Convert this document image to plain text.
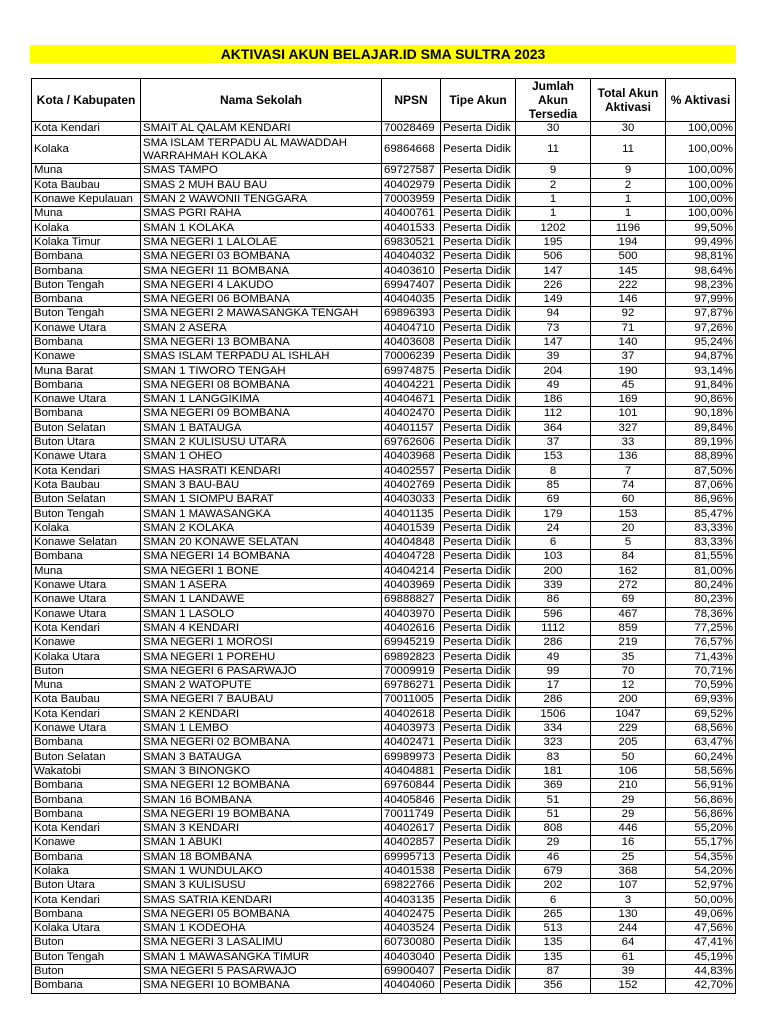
AKTIVASI AKUN BELAJAR.ID SMA SULTRA 2023
Kota / Kabupaten	Nama Sekolah	NPSN	Tipe Akun	Jumlah Akun Tersedia	Total Akun Aktivasi	% Aktivasi
Kota Kendari	SMAIT AL QALAM KENDARI	70028469	Peserta Didik	30	30	100,00%
Kolaka	SMA ISLAM TERPADU AL MAWADDAH WARRAHMAH KOLAKA	69864668	Peserta Didik	11	11	100,00%
Muna	SMAS TAMPO	69727587	Peserta Didik	9	9	100,00%
Kota Baubau	SMAS 2 MUH BAU BAU	40402979	Peserta Didik	2	2	100,00%
Konawe Kepulauan	SMAN 2 WAWONII TENGGARA	70003959	Peserta Didik	1	1	100,00%
Muna	SMAS PGRI RAHA	40400761	Peserta Didik	1	1	100,00%
Kolaka	SMAN 1 KOLAKA	40401533	Peserta Didik	1202	1196	99,50%
Kolaka Timur	SMA NEGERI 1 LALOLAE	69830521	Peserta Didik	195	194	99,49%
Bombana	SMA NEGERI 03 BOMBANA	40404032	Peserta Didik	506	500	98,81%
Bombana	SMA NEGERI 11 BOMBANA	40403610	Peserta Didik	147	145	98,64%
Buton Tengah	SMA NEGERI 4 LAKUDO	69947407	Peserta Didik	226	222	98,23%
Bombana	SMA NEGERI 06 BOMBANA	40404035	Peserta Didik	149	146	97,99%
Buton Tengah	SMA NEGERI 2 MAWASANGKA TENGAH	69896393	Peserta Didik	94	92	97,87%
Konawe Utara	SMAN 2 ASERA	40404710	Peserta Didik	73	71	97,26%
Bombana	SMA NEGERI 13 BOMBANA	40403608	Peserta Didik	147	140	95,24%
Konawe	SMAS ISLAM TERPADU AL ISHLAH	70006239	Peserta Didik	39	37	94,87%
Muna Barat	SMAN 1 TIWORO TENGAH	69974875	Peserta Didik	204	190	93,14%
Bombana	SMA NEGERI 08 BOMBANA	40404221	Peserta Didik	49	45	91,84%
Konawe Utara	SMAN 1 LANGGIKIMA	40404671	Peserta Didik	186	169	90,86%
Bombana	SMA NEGERI 09 BOMBANA	40402470	Peserta Didik	112	101	90,18%
Buton Selatan	SMAN 1 BATAUGA	40401157	Peserta Didik	364	327	89,84%
Buton Utara	SMAN 2 KULISUSU UTARA	69762606	Peserta Didik	37	33	89,19%
Konawe Utara	SMAN 1 OHEO	40403968	Peserta Didik	153	136	88,89%
Kota Kendari	SMAS HASRATI KENDARI	40402557	Peserta Didik	8	7	87,50%
Kota Baubau	SMAN 3 BAU-BAU	40402769	Peserta Didik	85	74	87,06%
Buton Selatan	SMAN 1 SIOMPU BARAT	40403033	Peserta Didik	69	60	86,96%
Buton Tengah	SMAN 1 MAWASANGKA	40401135	Peserta Didik	179	153	85,47%
Kolaka	SMAN 2 KOLAKA	40401539	Peserta Didik	24	20	83,33%
Konawe Selatan	SMAN 20 KONAWE SELATAN	40404848	Peserta Didik	6	5	83,33%
Bombana	SMA NEGERI 14 BOMBANA	40404728	Peserta Didik	103	84	81,55%
Muna	SMA NEGERI 1 BONE	40404214	Peserta Didik	200	162	81,00%
Konawe Utara	SMAN 1 ASERA	40403969	Peserta Didik	339	272	80,24%
Konawe Utara	SMAN 1 LANDAWE	69888827	Peserta Didik	86	69	80,23%
Konawe Utara	SMAN 1 LASOLO	40403970	Peserta Didik	596	467	78,36%
Kota Kendari	SMAN 4 KENDARI	40402616	Peserta Didik	1112	859	77,25%
Konawe	SMA NEGERI 1 MOROSI	69945219	Peserta Didik	286	219	76,57%
Kolaka Utara	SMA NEGERI 1 POREHU	69892823	Peserta Didik	49	35	71,43%
Buton	SMA NEGERI 6 PASARWAJO	70009919	Peserta Didik	99	70	70,71%
Muna	SMAN 2 WATOPUTE	69786271	Peserta Didik	17	12	70,59%
Kota Baubau	SMA NEGERI 7 BAUBAU	70011005	Peserta Didik	286	200	69,93%
Kota Kendari	SMAN 2 KENDARI	40402618	Peserta Didik	1506	1047	69,52%
Konawe Utara	SMAN 1 LEMBO	40403973	Peserta Didik	334	229	68,56%
Bombana	SMA NEGERI 02 BOMBANA	40402471	Peserta Didik	323	205	63,47%
Buton Selatan	SMAN 3 BATAUGA	69989973	Peserta Didik	83	50	60,24%
Wakatobi	SMAN 3 BINONGKO	40404881	Peserta Didik	181	106	58,56%
Bombana	SMA NEGERI 12 BOMBANA	69760844	Peserta Didik	369	210	56,91%
Bombana	SMAN 16 BOMBANA	40405846	Peserta Didik	51	29	56,86%
Bombana	SMA NEGERI 19 BOMBANA	70011749	Peserta Didik	51	29	56,86%
Kota Kendari	SMAN 3 KENDARI	40402617	Peserta Didik	808	446	55,20%
Konawe	SMAN 1 ABUKI	40402857	Peserta Didik	29	16	55,17%
Bombana	SMAN 18 BOMBANA	69995713	Peserta Didik	46	25	54,35%
Kolaka	SMAN 1 WUNDULAKO	40401538	Peserta Didik	679	368	54,20%
Buton Utara	SMAN 3 KULISUSU	69822766	Peserta Didik	202	107	52,97%
Kota Kendari	SMAS SATRIA KENDARI	40403135	Peserta Didik	6	3	50,00%
Bombana	SMA NEGERI 05 BOMBANA	40402475	Peserta Didik	265	130	49,06%
Kolaka Utara	SMAN 1 KODEOHA	40403524	Peserta Didik	513	244	47,56%
Buton	SMA NEGERI 3 LASALIMU	60730080	Peserta Didik	135	64	47,41%
Buton Tengah	SMAN 1 MAWASANGKA TIMUR	40403040	Peserta Didik	135	61	45,19%
Buton	SMA NEGERI 5 PASARWAJO	69900407	Peserta Didik	87	39	44,83%
Bombana	SMA NEGERI 10 BOMBANA	40404060	Peserta Didik	356	152	42,70%
